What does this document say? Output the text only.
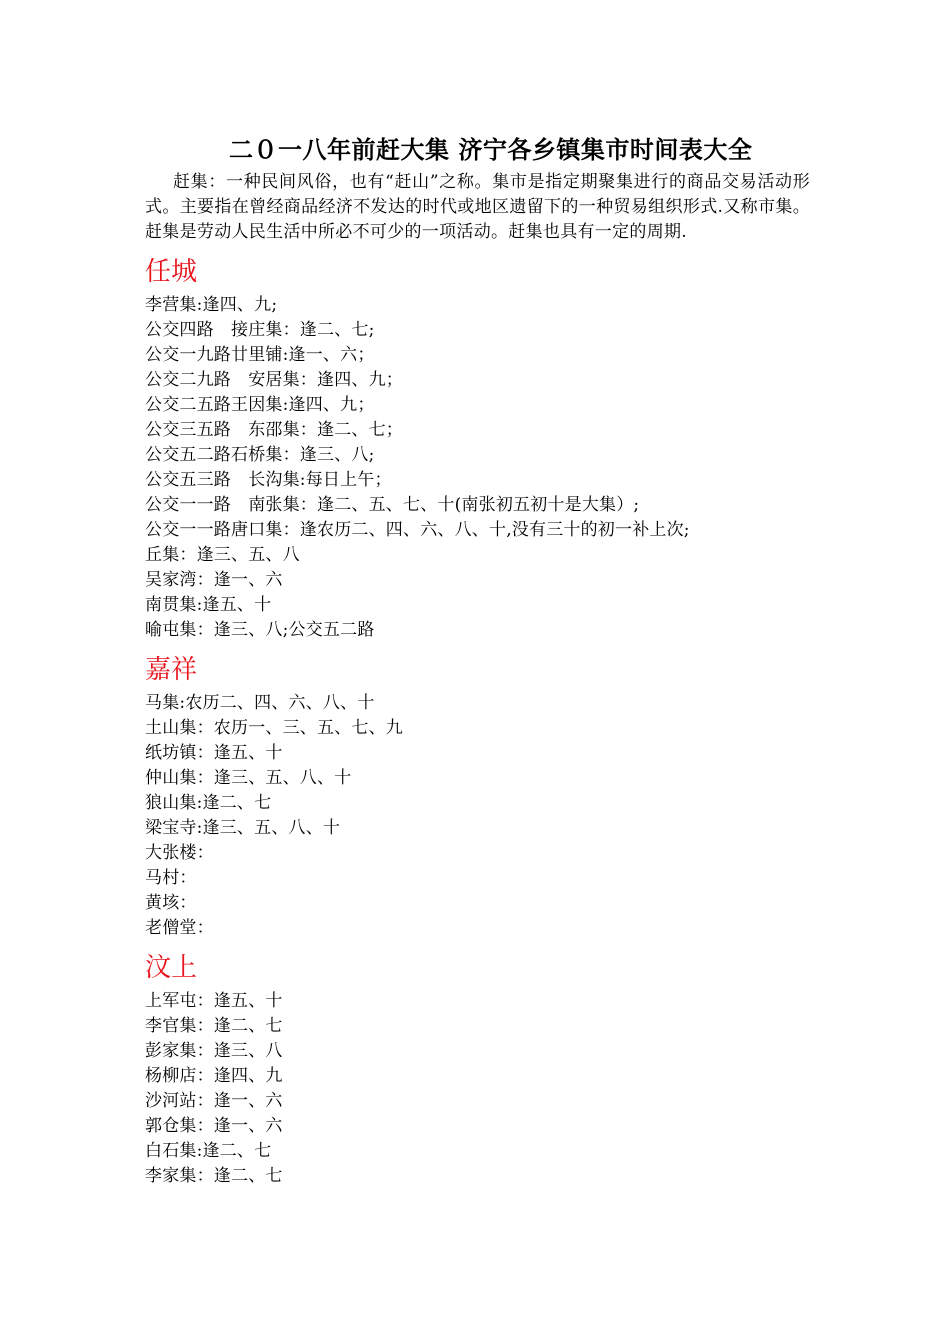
二０一八年前赶大集 济宁各乡镇集市时间表大全

赶集：一种民间风俗，也有“赶山”之称。集市是指定期聚集进行的商品交易活动形式。主要指在曾经商品经济不发达的时代或地区遗留下的一种贸易组织形式.又称市集。赶集是劳动人民生活中所必不可少的一项活动。赶集也具有一定的周期.

任城
李营集:逢四、九;
公交四路　接庄集：逢二、七;
公交一九路廿里铺:逢一、六；
公交二九路　安居集：逢四、九；
公交二五路王因集:逢四、九；
公交三五路　东邵集：逢二、七；
公交五二路石桥集：逢三、八;
公交五三路　长沟集:每日上午；
公交一一路　南张集：逢二、五、七、十(南张初五初十是大集）;
公交一一路唐口集：逢农历二、四、六、八、十,没有三十的初一补上次;
丘集：逢三、五、八
吴家湾：逢一、六
南贯集:逢五、十
喻屯集：逢三、八;公交五二路
嘉祥
马集:农历二、四、六、八、十
土山集：农历一、三、五、七、九
纸坊镇：逢五、十
仲山集：逢三、五、八、十
狼山集:逢二、七
梁宝寺:逢三、五、八、十
大张楼：
马村：
黄垓：
老僧堂：
汶上
上军屯：逢五、十
李官集：逢二、七
彭家集：逢三、八
杨柳店：逢四、九
沙河站：逢一、六
郭仓集：逢一、六
白石集:逢二、七
李家集：逢二、七
